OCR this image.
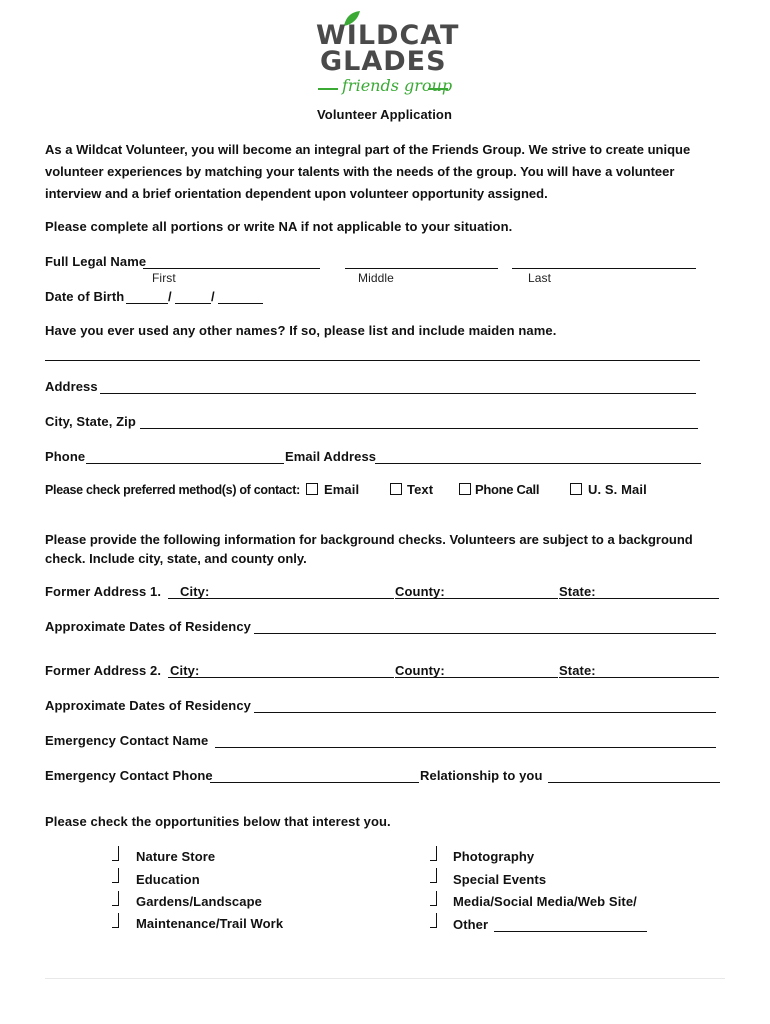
WILDCAT
GLADES
friends group
Volunteer Application
As a Wildcat Volunteer, you will become an integral part of the Friends Group. We strive to create unique volunteer experiences by matching your talents with the needs of the group. You will have a volunteer interview and a brief orientation dependent upon volunteer opportunity assigned.
Please complete all portions or write NA if not applicable to your situation.
Full Legal Name
First	Middle	Last
Date of Birth	/	/
Have you ever used any other names? If so, please list and include maiden name.
Address
City, State, Zip
Phone	Email Address
Please check preferred method(s) of contact: Email	Text	Phone Call	U. S. Mail
Please provide the following information for background checks. Volunteers are subject to a background check. Include city, state, and county only.
Former Address 1. City:	County:	State:
Approximate Dates of Residency
Former Address 2. City:	County:	State:
Approximate Dates of Residency
Emergency Contact Name
Emergency Contact Phone	Relationship to you
Please check the opportunities below that interest you.
Nature Store
Education
Gardens/Landscape
Maintenance/Trail Work
Photography
Special Events
Media/Social Media/Web Site/
Other
